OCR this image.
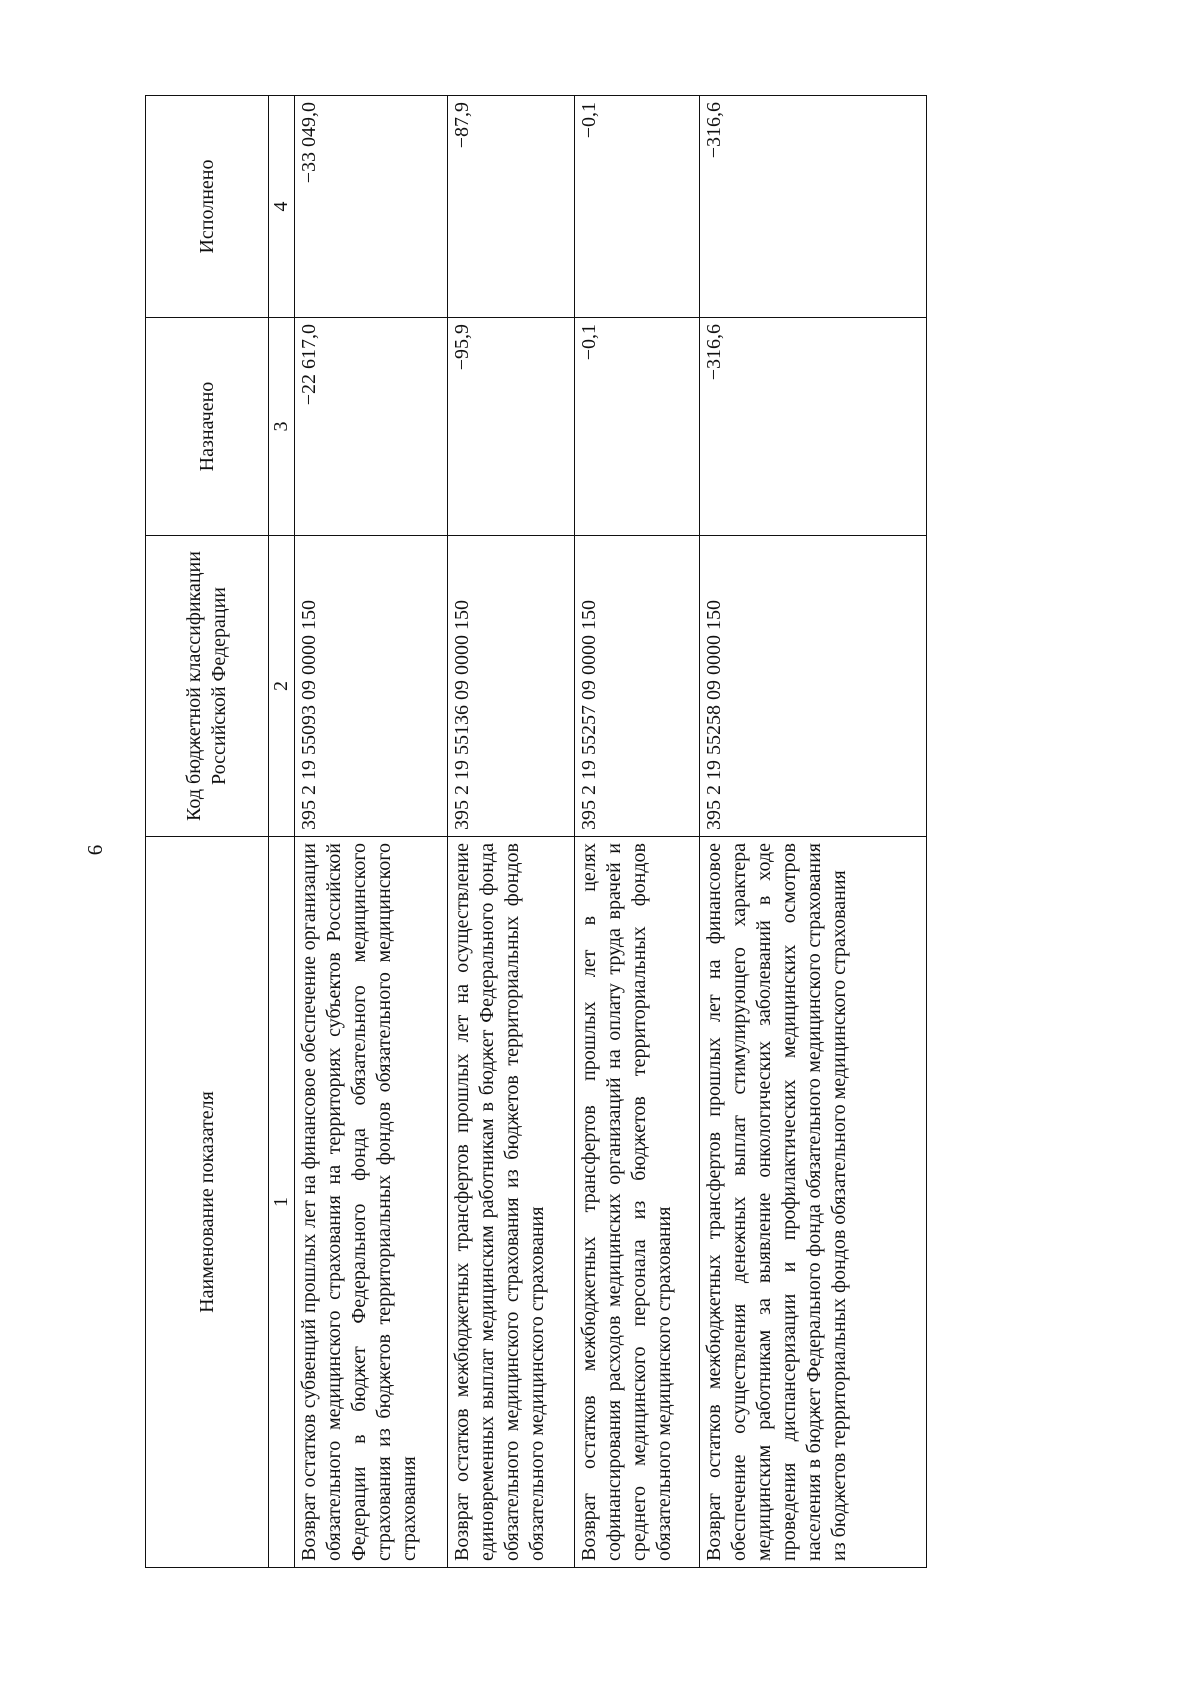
6
Наименование показателя	Код бюджетной классификации Российской Федерации	Назначено	Исполнено
1	2	3	4
Возврат остатков субвенций прошлых лет на финансовое обеспечение организации обязательного медицинского страхования на территориях субъектов Российской Федерации в бюджет Федерального фонда обязательного медицинского страхования из бюджетов территориальных фондов обязательного медицинского страхования	395 2 19 55093 09 0000 150	−22 617,0	−33 049,0
Возврат остатков межбюджетных трансфертов прошлых лет на осуществление единовременных выплат медицинским работникам в бюджет Федерального фонда обязательного медицинского страхования из бюджетов территориальных фондов обязательного медицинского страхования	395 2 19 55136 09 0000 150	−95,9	−87,9
Возврат остатков межбюджетных трансфертов прошлых лет в целях софинансирования расходов медицинских организаций на оплату труда врачей и среднего медицинского персонала из бюджетов территориальных фондов обязательного медицинского страхования	395 2 19 55257 09 0000 150	−0,1	−0,1
Возврат остатков межбюджетных трансфертов прошлых лет на финансовое обеспечение осуществления денежных выплат стимулирующего характера медицинским работникам за выявление онкологических заболеваний в ходе проведения диспансеризации и профилактических медицинских осмотров населения в бюджет Федерального фонда обязательного медицинского страхования из бюджетов территориальных фондов обязательного медицинского страхования	395 2 19 55258 09 0000 150	−316,6	−316,6
